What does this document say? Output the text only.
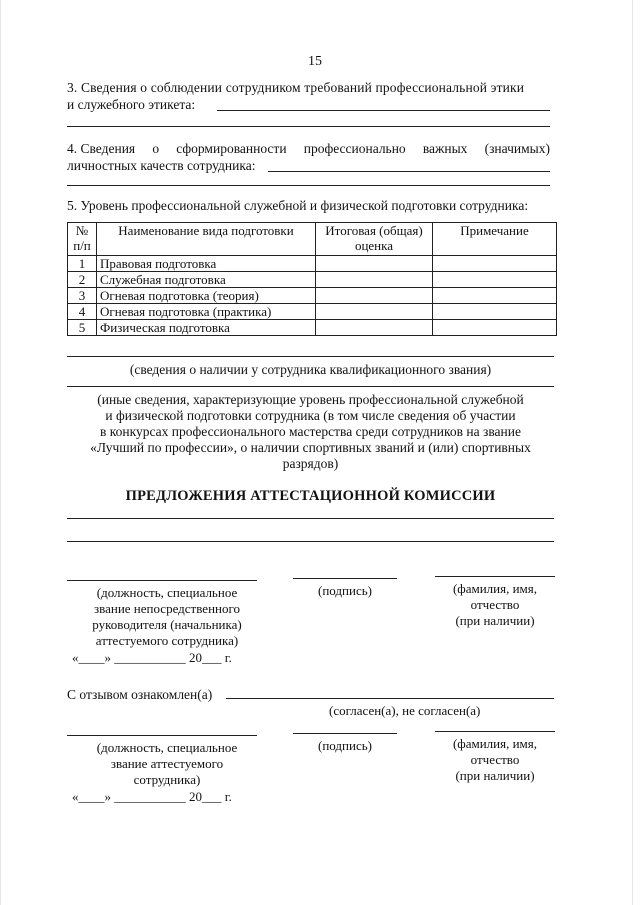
15
3. Сведения о соблюдении сотрудником требований профессиональной этики
и служебного этикета:
4. Сведения о сформированности профессионально важных (значимых)
личностных качеств сотрудника:
5. Уровень профессиональной служебной и физической подготовки сотрудника:
№ п/п	Наименование вида подготовки	Итоговая (общая) оценка	Примечание
1	Правовая подготовка		
2	Служебная подготовка		
3	Огневая подготовка (теория)		
4	Огневая подготовка (практика)		
5	Физическая подготовка		
(сведения о наличии у сотрудника квалификационного звания)
(иные сведения, характеризующие уровень профессиональной служебной
и физической подготовки сотрудника (в том числе сведения об участии
в конкурсах профессионального мастерства среди сотрудников на звание
«Лучший по профессии», о наличии спортивных званий и (или) спортивных
разрядов)
ПРЕДЛОЖЕНИЯ АТТЕСТАЦИОННОЙ КОМИССИИ
(должность, специальное
звание непосредственного
руководителя (начальника)
аттестуемого сотрудника)
(подпись)	(фамилия, имя,
отчество
(при наличии)
«____» ___________ 20___ г.
С отзывом ознакомлен(а)
(согласен(а), не согласен(а)
(должность, специальное
звание аттестуемого
сотрудника)
(подпись)	(фамилия, имя,
отчество
(при наличии)
«____» ___________ 20___ г.
